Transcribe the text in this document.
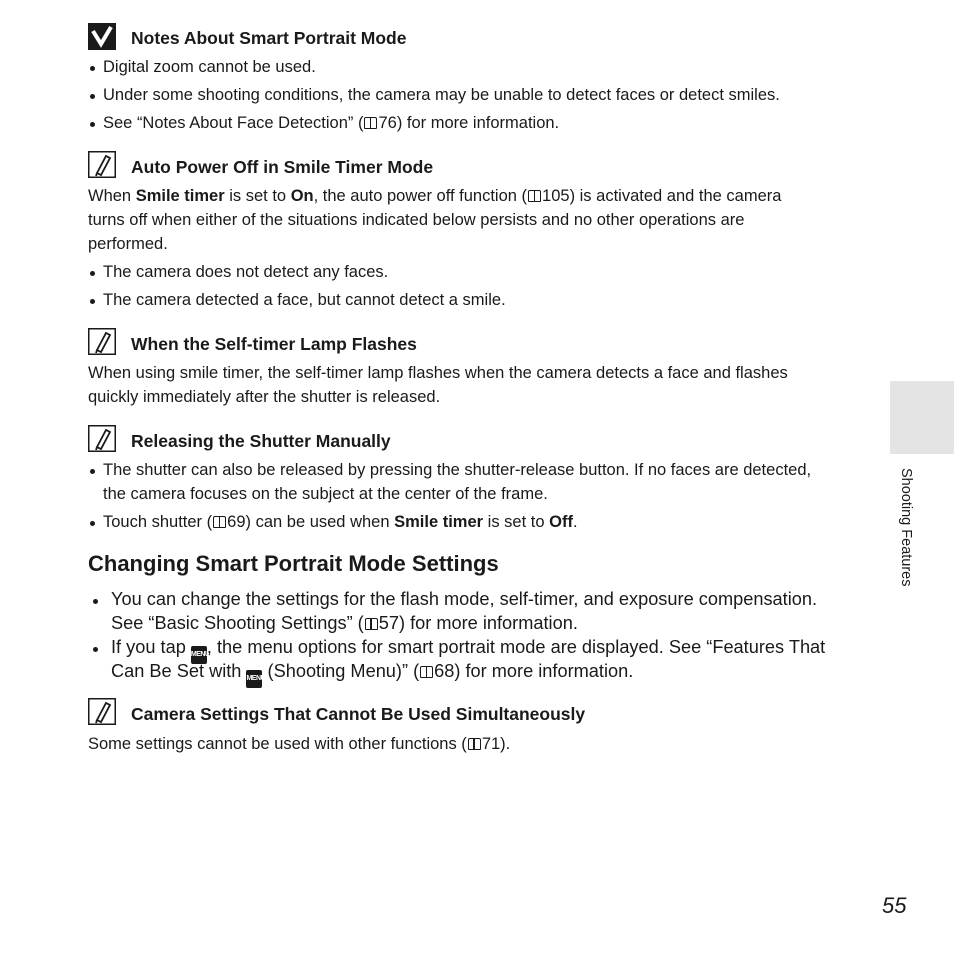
Notes About Smart Portrait Mode
Digital zoom cannot be used.
Under some shooting conditions, the camera may be unable to detect faces or detect smiles.
See “Notes About Face Detection” ( 76) for more information.
Auto Power Off in Smile Timer Mode
When Smile timer is set to On, the auto power off function ( 105) is activated and the camera
turns off when either of the situations indicated below persists and no other operations are
performed.
The camera does not detect any faces.
The camera detected a face, but cannot detect a smile.
When the Self-timer Lamp Flashes
When using smile timer, the self-timer lamp flashes when the camera detects a face and flashes
quickly immediately after the shutter is released.
Releasing the Shutter Manually
The shutter can also be released by pressing the shutter-release button. If no faces are detected,
the camera focuses on the subject at the center of the frame.
Touch shutter ( 69) can be used when Smile timer is set to Off.
Changing Smart Portrait Mode Settings
You can change the settings for the flash mode, self-timer, and exposure compensation.
See “Basic Shooting Settings” ( 57) for more information.
If you tap MENU, the menu options for smart portrait mode are displayed. See “Features That
Can Be Set with MENU (Shooting Menu)” ( 68) for more information.
Camera Settings That Cannot Be Used Simultaneously
Some settings cannot be used with other functions ( 71).
Shooting Features
55
